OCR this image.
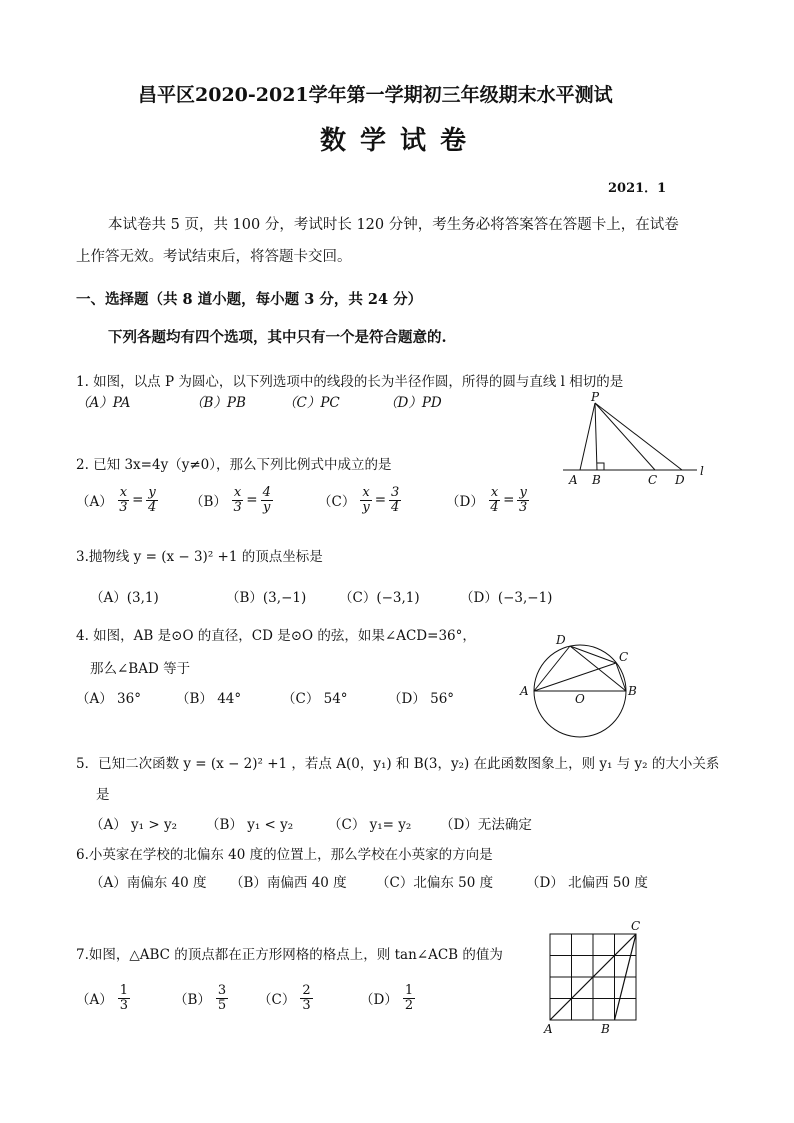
昌平区2020-2021学年第一学期初三年级期末水平测试
数学试卷
2021．1
本试卷共 5 页，共 100 分，考试时长 120 分钟，考生务必将答案答在答题卡上，在试卷
上作答无效。考试结束后，将答题卡交回。
一、选择题（共 8 道小题，每小题 3 分，共 24 分）
下列各题均有四个选项，其中只有一个是符合题意的.
1. 如图，以点 P 为圆心，以下列选项中的线段的长为半径作圆，所得的圆与直线 l 相切的是
（A）PA	（B）PB	（C）PC	（D）PD	P
A B	C D
l
2. 已知 3x=4y（y≠0），那么下列比例式中成立的是
$(A) \frac{x}{3} = \frac{y}{4} (B) \frac{x}{3} = \frac{4}{y}$	$(C) \frac{x}{y} = \frac{3}{4}$	$(D) \frac{x}{4} = \frac{y}{3}$
3.抛物线 y = (x − 3)² +1 的顶点坐标是
（A）(3,1)	（B）(3,−1) （C）(−3,1)	（D）(−3,−1)
4. 如图，AB 是⊙O 的直径，CD 是⊙O 的弦，如果∠ACD=36°，
那么∠BAD 等于
（A） 36°	（B） 44°	（C） 54°	（D） 56°
D
C
A
O
B
5．已知二次函数 y = (x − 2)² +1 ，若点 A(0，y₁) 和 B(3，y₂) 在此函数图象上，则 y₁ 与 y₂ 的大小关系
是
（A） y₁ > y₂ （B） y₁ < y₂	（C） y₁= y₂ （D）无法确定
6.小英家在学校的北偏东 40 度的位置上，那么学校在小英家的方向是
（A）南偏东 40 度 （B）南偏西 40 度 （C）北偏东 50 度 （D） 北偏西 50 度
7.如图，△ABC 的顶点都在正方形网格的格点上，则 tan∠ACB 的值为
$(A) \frac{1}{3}$	$(B) \frac{3}{5} (C) \frac{2}{3}$	$(D) \frac{1}{2}$
C
A	B
